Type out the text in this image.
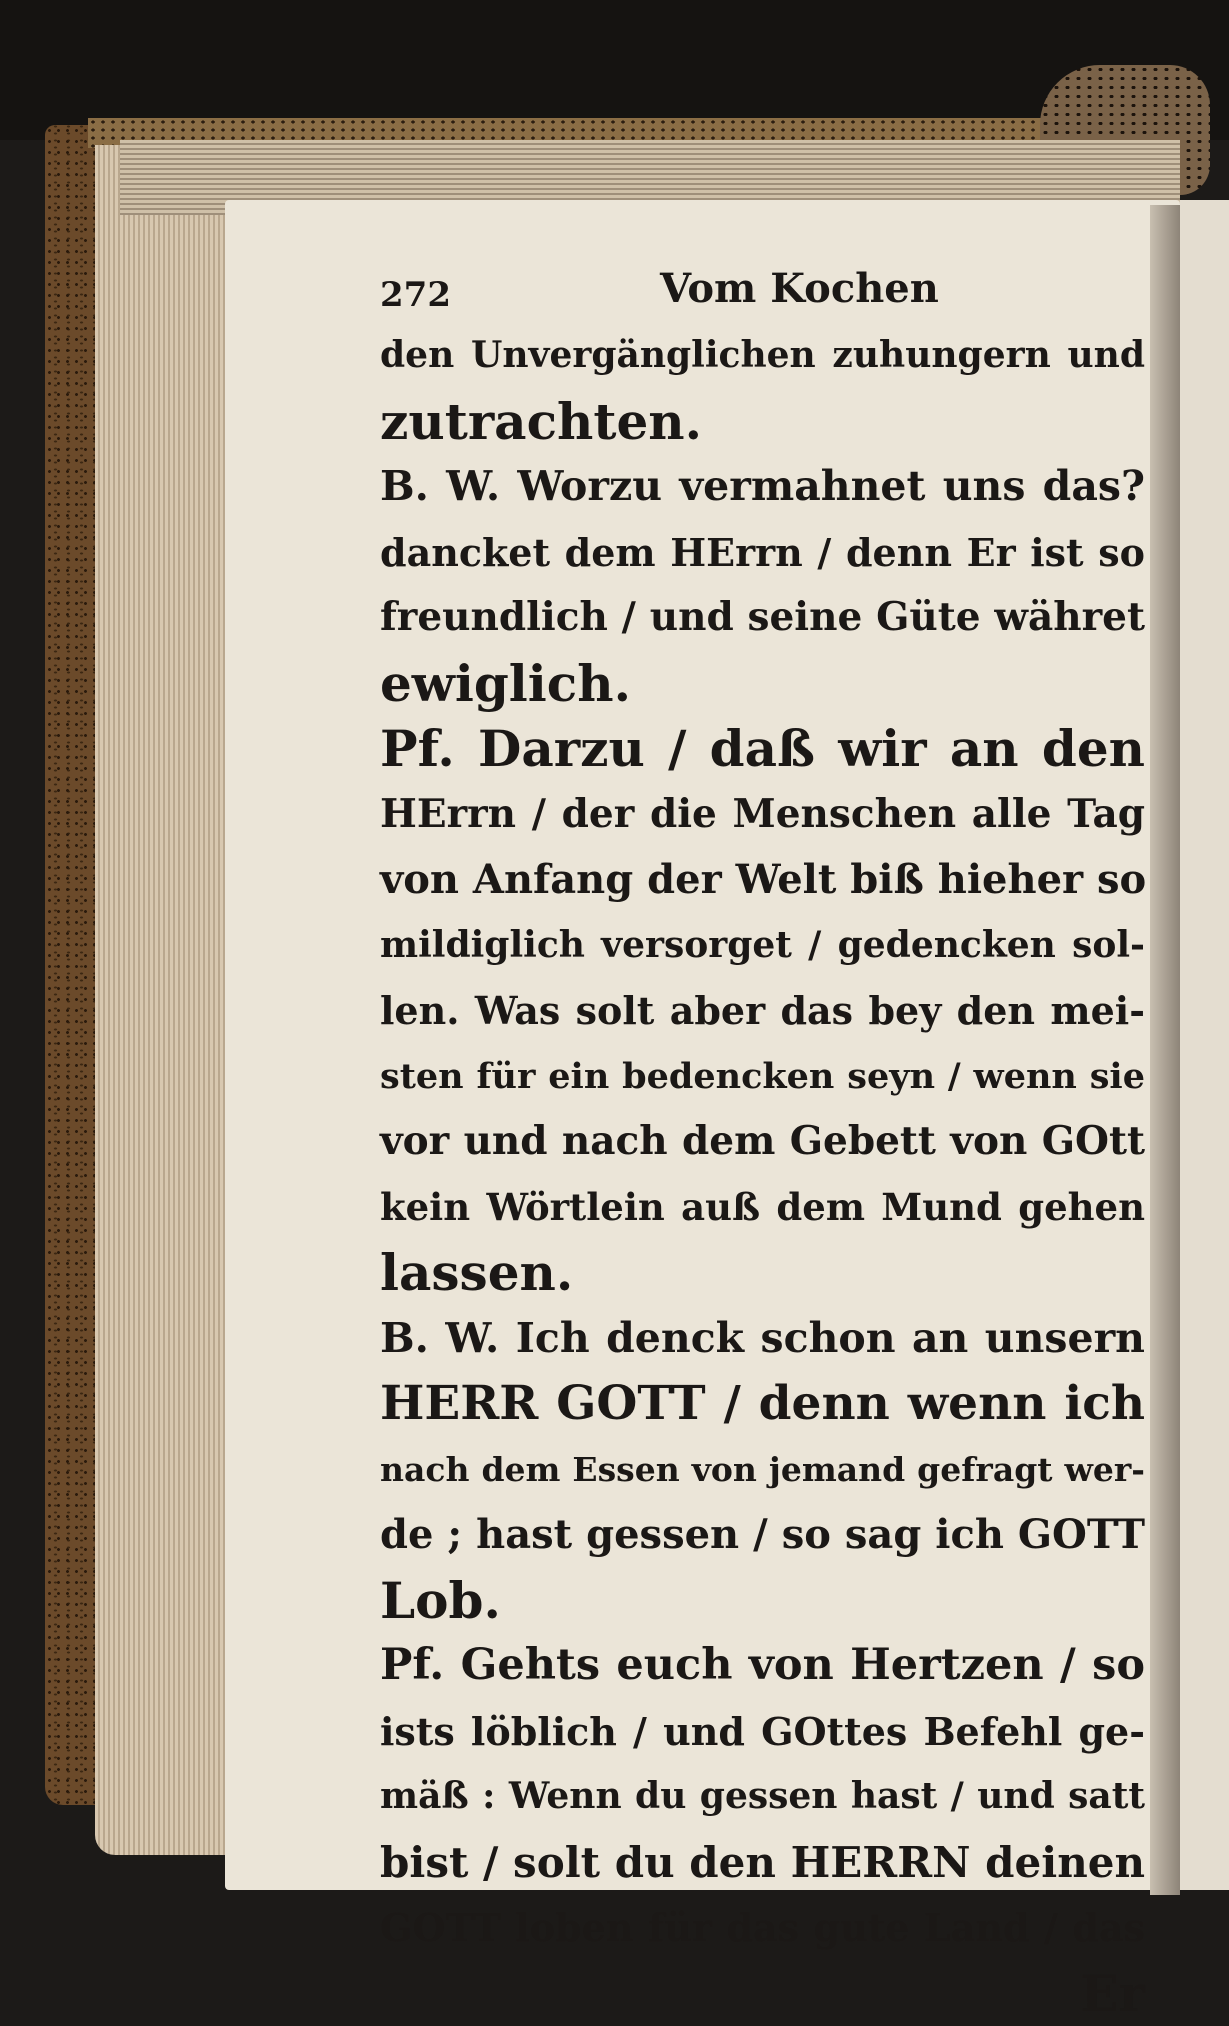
272	Vom Kochen
den Unvergänglichen zuhungern und
zutrachten.
B. W. Worzu vermahnet uns das?
dancket dem HErrn / denn Er ist so
freundlich / und seine Güte währet
ewiglich.
Pf. Darzu / daß wir an den
HErrn / der die Menschen alle Tag
von Anfang der Welt biß hieher so
mildiglich versorget / gedencken sol-
len. Was solt aber das bey den mei-
sten für ein bedencken seyn / wenn sie
vor und nach dem Gebett von GOtt
kein Wörtlein auß dem Mund gehen
lassen.
B. W. Ich denck schon an unsern
HERR GOTT / denn wenn ich
nach dem Essen von jemand gefragt wer-
de ; hast gessen / so sag ich GOTT
Lob.
Pf. Gehts euch von Hertzen / so
ists löblich / und GOttes Befehl ge-
mäß : Wenn du gessen hast / und satt
bist / solt du den HERRN deinen
GOTT loben für das gute Land / das
Er
